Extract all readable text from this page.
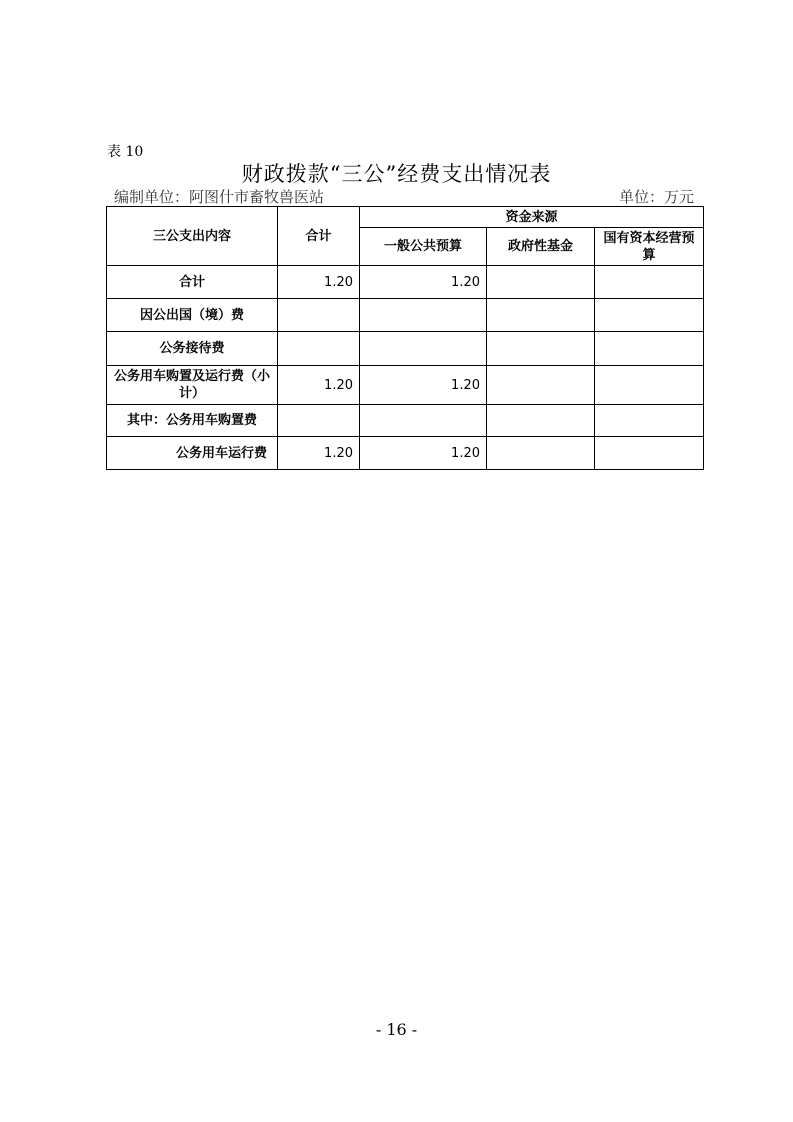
表 10
财政拨款“三公”经费支出情况表
编制单位：阿图什市畜牧兽医站	单位：万元
三公支出内容	合计	资金来源		
		一般公共预算	政府性基金	国有资本经营预算
合计	1.20	1.20		
因公出国（境）费				
公务接待费				
公务用车购置及运行费（小计）	1.20	1.20		
其中：公务用车购置费				
公务用车运行费	1.20	1.20		
- 16 -
